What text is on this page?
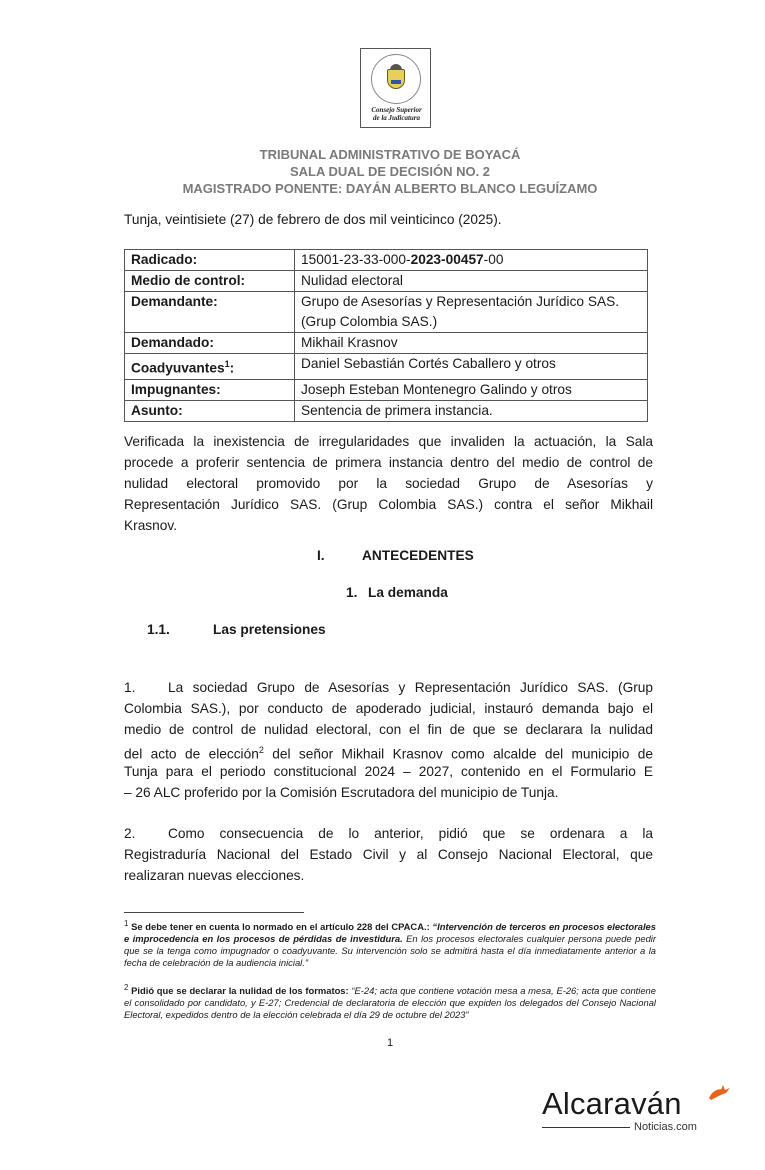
Consejo Superior
de la Judicatura
TRIBUNAL ADMINISTRATIVO DE BOYACÁ
SALA DUAL DE DECISIÓN NO. 2
MAGISTRADO PONENTE: DAYÁN ALBERTO BLANCO LEGUÍZAMO
Tunja, veintisiete (27) de febrero de dos mil veinticinco (2025).
Radicado:	15001-23-33-000-2023-00457-00
Medio de control:	Nulidad electoral
Demandante:	Grupo de Asesorías y Representación Jurídico SAS.
(Grup Colombia SAS.)

Demandado:	Mikhail Krasnov
Coadyuvantes$^1$:	Daniel Sebastián Cortés Caballero y otros
Impugnantes:	Joseph Esteban Montenegro Galindo y otros
Asunto:	Sentencia de primera instancia.
Verificada la inexistencia de irregularidades que invaliden la actuación, la Sala
procede a proferir sentencia de primera instancia dentro del medio de control de
nulidad electoral promovido por la sociedad Grupo de Asesorías y
Representación Jurídico SAS. (Grup Colombia SAS.) contra el señor Mikhail
Krasnov.
I.	ANTECEDENTES
1. La demanda
1.1.	Las pretensiones
1. La sociedad Grupo de Asesorías y Representación Jurídico SAS. (Grup
Colombia SAS.), por conducto de apoderado judicial, instauró demanda bajo el
medio de control de nulidad electoral, con el fin de que se declarara la nulidad
del acto de elección$^2$ del señor Mikhail Krasnov como alcalde del municipio de
Tunja para el periodo constitucional 2024 – 2027, contenido en el Formulario E
– 26 ALC proferido por la Comisión Escrutadora del municipio de Tunja.
2. Como consecuencia de lo anterior, pidió que se ordenara a la
Registraduría Nacional del Estado Civil y al Consejo Nacional Electoral, que
realizaran nuevas elecciones.
$^1$ Se debe tener en cuenta lo normado en el artículo 228 del CPACA.: “Intervención de terceros en procesos electorales e improcedencia en los procesos de pérdidas de investidura. En los procesos electorales cualquier persona puede pedir que se la tenga como impugnador o coadyuvante. Su intervención solo se admitirá hasta el día inmediatamente anterior a la fecha de celebración de la audiencia inicial.”
$^2$ Pidió que se declarar la nulidad de los formatos: “E-24; acta que contiene votación mesa a mesa, E-26; acta que contiene el consolidado por candidato, y E-27; Credencial de declaratoria de elección que expiden los delegados del Consejo Nacional Electoral, expedidos dentro de la elección celebrada el día 29 de octubre del 2023”
1
Alcaraván
Noticias.com
